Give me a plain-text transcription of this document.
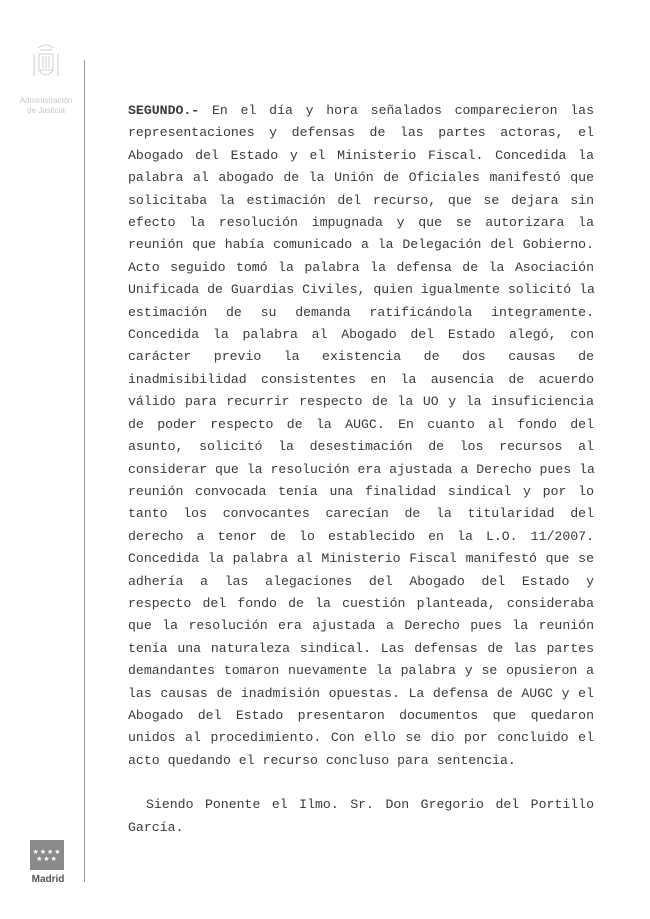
Administración
de Justicia	SEGUNDO.- En el día y hora señalados comparecieron las
representaciones y defensas de las partes actoras, el
Abogado del Estado y el Ministerio Fiscal. Concedida la
palabra al abogado de la Unión de Oficiales manifestó que
solicitaba la estimación del recurso, que se dejara sin
efecto la resolución impugnada y que se autorizara la
reunión que había comunicado a la Delegación del Gobierno.
Acto seguido tomó la palabra la defensa de la Asociación
Unificada de Guardias Civiles, quien igualmente solicitó la
estimación de su demanda ratificándola integramente.
Concedida la palabra al Abogado del Estado alegó, con
carácter previo la existencia de dos causas de
inadmisibilidad consistentes en la ausencia de acuerdo
válido para recurrir respecto de la UO y la insuficiencia
de poder respecto de la AUGC. En cuanto al fondo del
asunto, solicitó la desestimación de los recursos al
considerar que la resolución era ajustada a Derecho pues la
reunión convocada tenía una finalidad sindical y por lo
tanto los convocantes carecían de la titularidad del
derecho a tenor de lo establecido en la L.O. 11/2007.
Concedida la palabra al Ministerio Fiscal manifestó que se
adhería a las alegaciones del Abogado del Estado y
respecto del fondo de la cuestión planteada, consideraba
que la resolución era ajustada a Derecho pues la reunión
tenía una naturaleza sindical. Las defensas de las partes
demandantes tomaron nuevamente la palabra y se opusieron a
las causas de inadmisión opuestas. La defensa de AUGC y el
Abogado del Estado presentaron documentos que quedaron
unidos al procedimiento. Con ello se dio por concluido el
acto quedando el recurso concluso para sentencia.

Siendo Ponente el Ilmo. Sr. Don Gregorio del Portillo
García.

★★★★
★★★
Madrid
